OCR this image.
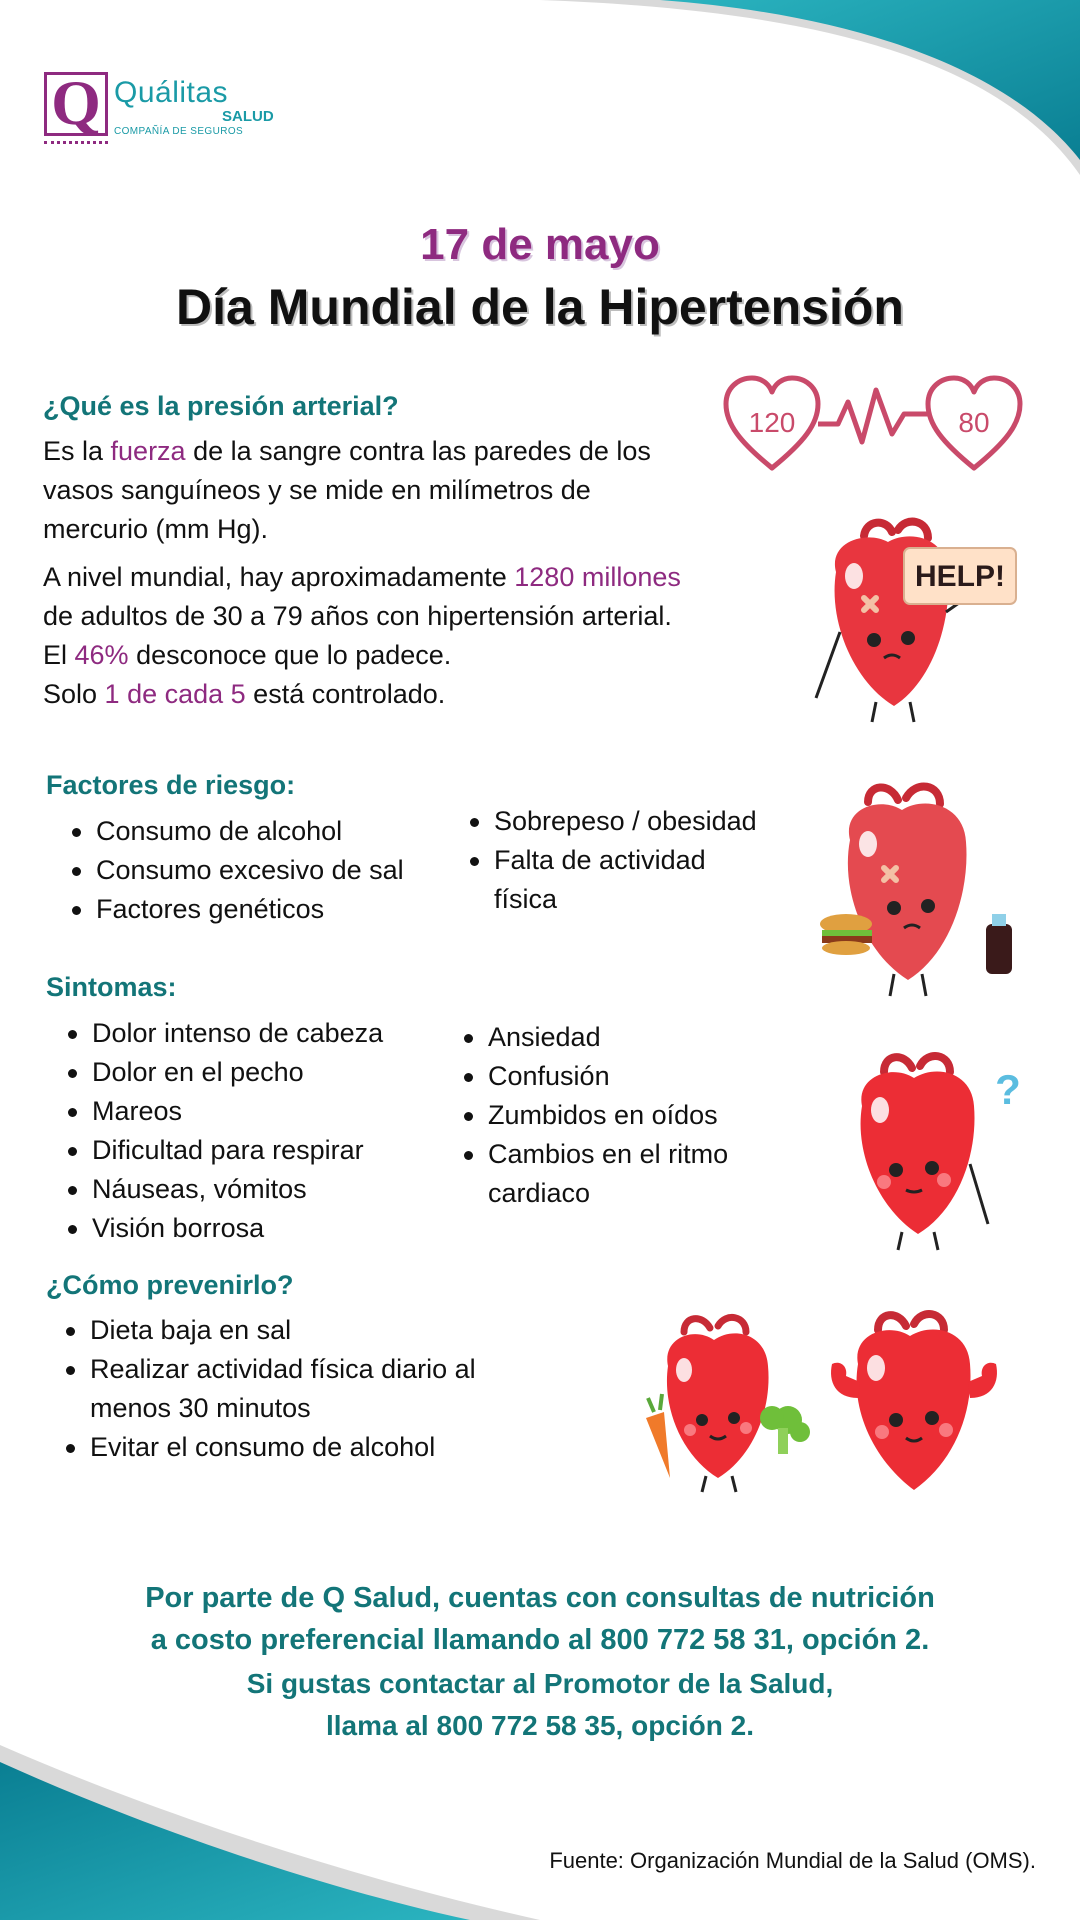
Q Quálitas
SALUD
COMPAÑÍA DE SEGUROS
17 de mayo
Día Mundial de la Hipertensión
120	80
HELP!
?
¿Qué es la presión arterial?
Es la fuerza de la sangre contra las paredes de los vasos sanguíneos y se mide en milímetros de mercurio (mm Hg).
A nivel mundial, hay aproximadamente 1280 millones de adultos de 30 a 79 años con hipertensión arterial.
El 46% desconoce que lo padece.
Solo 1 de cada 5 está controlado.
Factores de riesgo:
Consumo de alcohol
Consumo excesivo de sal
Factores genéticos
Sobrepeso / obesidad
Falta de actividad física
Sintomas:
Dolor intenso de cabeza
Dolor en el pecho
Mareos
Dificultad para respirar
Náuseas, vómitos
Visión borrosa
Ansiedad
Confusión
Zumbidos en oídos
Cambios en el ritmo cardiaco
¿Cómo prevenirlo?
Dieta baja en sal
Realizar actividad física diario al menos 30 minutos
Evitar el consumo de alcohol
Por parte de Q Salud, cuentas con consultas de nutrición
a costo preferencial llamando al 800 772 58 31, opción 2.
Si gustas contactar al Promotor de la Salud,
llama al 800 772 58 35, opción 2.
Fuente: Organización Mundial de la Salud (OMS).
